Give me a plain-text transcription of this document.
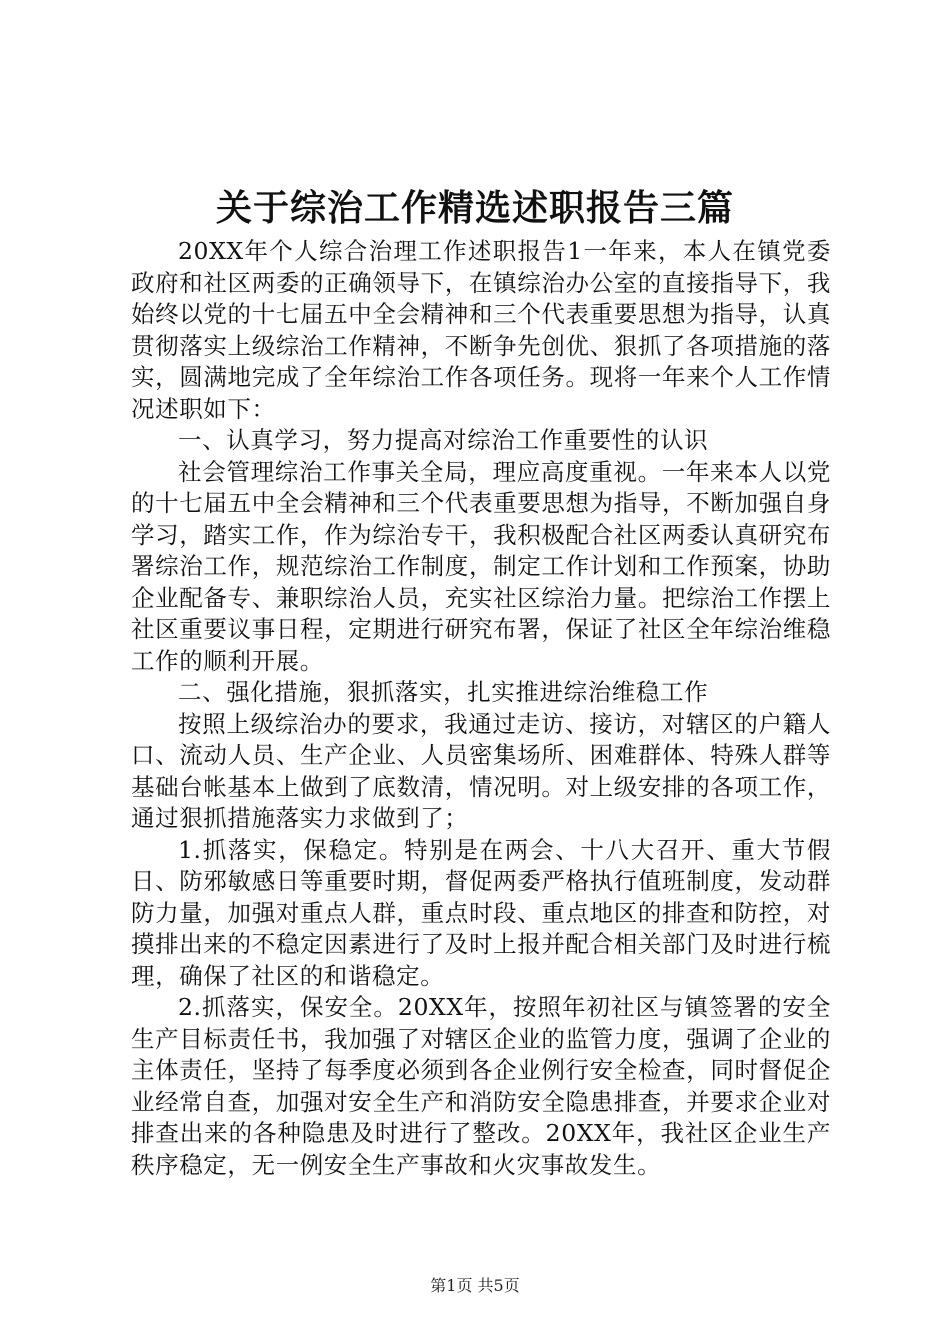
关于综治工作精选述职报告三篇

20XX年个人综合治理工作述职报告1一年来，本人在镇党委政府和社区两委的正确领导下，在镇综治办公室的直接指导下，我始终以党的十七届五中全会精神和三个代表重要思想为指导，认真贯彻落实上级综治工作精神，不断争先创优、狠抓了各项措施的落实，圆满地完成了全年综治工作各项任务。现将一年来个人工作情况述职如下：

一、认真学习，努力提高对综治工作重要性的认识

社会管理综治工作事关全局，理应高度重视。一年来本人以党的十七届五中全会精神和三个代表重要思想为指导，不断加强自身学习，踏实工作，作为综治专干，我积极配合社区两委认真研究布署综治工作，规范综治工作制度，制定工作计划和工作预案，协助企业配备专、兼职综治人员，充实社区综治力量。把综治工作摆上社区重要议事日程，定期进行研究布署，保证了社区全年综治维稳工作的顺利开展。

二、强化措施，狠抓落实，扎实推进综治维稳工作

按照上级综治办的要求，我通过走访、接访，对辖区的户籍人口、流动人员、生产企业、人员密集场所、困难群体、特殊人群等基础台帐基本上做到了底数清，情况明。对上级安排的各项工作，通过狠抓措施落实力求做到了；

1.抓落实，保稳定。特别是在两会、十八大召开、重大节假日、防邪敏感日等重要时期，督促两委严格执行值班制度，发动群防力量，加强对重点人群，重点时段、重点地区的排查和防控，对摸排出来的不稳定因素进行了及时上报并配合相关部门及时进行梳理，确保了社区的和谐稳定。

2.抓落实，保安全。20XX年，按照年初社区与镇签署的安全生产目标责任书，我加强了对辖区企业的监管力度，强调了企业的主体责任，坚持了每季度必须到各企业例行安全检查，同时督促企业经常自查，加强对安全生产和消防安全隐患排查，并要求企业对排查出来的各种隐患及时进行了整改。20XX年，我社区企业生产秩序稳定，无一例安全生产事故和火灾事故发生。

第1页 共5页
